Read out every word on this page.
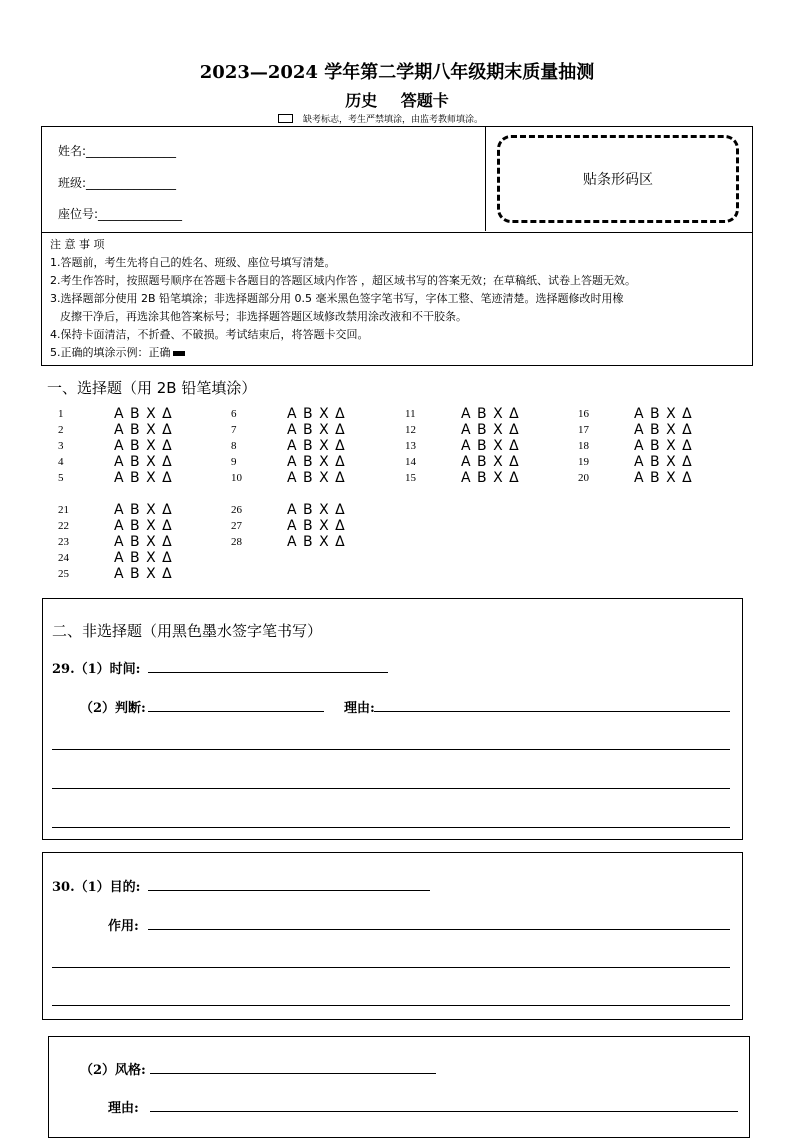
2023—2024 学年第二学期八年级期末质量抽测
历史　 答题卡
缺考标志，考生严禁填涂，由监考教师填涂。
姓名:_______________
班级:_______________
座位号:______________
贴条形码区
注 意 事 项
1.答题前，考生先将自己的姓名、班级、座位号填写清楚。
2.考生作答时，按照题号顺序在答题卡各题目的答题区域内作答 ，超区域书写的答案无效；在草稿纸、试卷上答题无效。
3.选择题部分使用 2B 铅笔填涂；非选择题部分用 0.5 毫米黑色签字笔书写，字体工整、笔迹清楚。选择题修改时用橡
皮擦干净后，再选涂其他答案标号；非选择题答题区域修改禁用涂改液和不干胶条。
4.保持卡面清洁，不折叠、不破损。考试结束后，将答题卡交回。
5.正确的填涂示例：正确
一、选择题（用 2B 铅笔填涂）
1	A B X Δ
2	A B X Δ
3	A B X Δ
4	A B X Δ
5	A B X Δ
6	A B X Δ
7	A B X Δ
8	A B X Δ
9	A B X Δ
10	A B X Δ
11	A B X Δ
12	A B X Δ
13	A B X Δ
14	A B X Δ
15	A B X Δ
16	A B X Δ
17	A B X Δ
18	A B X Δ
19	A B X Δ
20	A B X Δ
21	A B X Δ
22	A B X Δ
23	A B X Δ
24	A B X Δ
25	A B X Δ
26	A B X Δ
27	A B X Δ
28	A B X Δ
二、非选择题（用黑色墨水签字笔书写）
29.（1）时间:
（2）判断:	理由:
30.（1）目的:
作用:
（2）风格:
理由:
